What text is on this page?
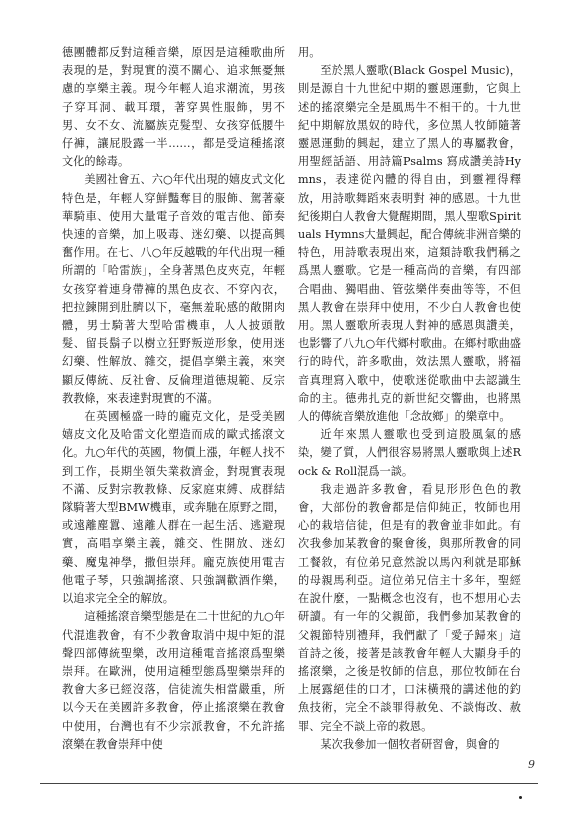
德團體都反對這種音樂，原因是這種歌曲所表現的是，對現實的漠不關心、追求無憂無慮的享樂主義。現今年輕人追求潮流，男孩子穿耳洞、載耳環，著穿異性服飾，男不男、女不女、流屬族克髮型、女孩穿低腰牛仔褲，讓屁股露一半……，都是受這種搖滾文化的餘毒。

美國社會五、六○年代出現的嬉皮式文化特色是，年輕人穿鮮豔奪目的服飾、駕著豪華騎車、使用大量電子音效的電吉他、節奏快速的音樂，加上吸毒、迷幻藥、以提高興奮作用。在七、八○年反越戰的年代出現一種所謂的「哈雷族」，全身著黑色皮夾克，年輕女孩穿着連身帶褲的黑色皮衣、不穿內衣，把拉鍊開到肚臍以下，毫無羞恥感的敞開肉體，男士騎著大型哈雷機車，人人披頭散髮、留長鬍子以樹立狂野叛逆形象，使用迷幻藥、性解放、雜交，提倡享樂主義，來突顯反傳統、反社會、反倫理道德規範、反宗教教條，來表達對現實的不滿。

在英國極盛一時的龐克文化，是受美國嬉皮文化及哈雷文化塑造而成的歐式搖滾文化。九○年代的英國，物價上漲，年輕人找不到工作，長期坐領失業救濟金，對現實表現不滿、反對宗教教條、反家庭束縛、成群結隊騎著大型BMW機車，或奔馳在原野之間，或遠離塵囂、遠離人群在一起生活、逃避現實，高唱享樂主義，雜交、性開放、迷幻藥、魔鬼神學，撒但崇拜。龐克族使用電吉他電子琴，只強調搖滾、只強調歡酒作樂，以追求完全全的解放。

這種搖滾音樂型態是在二十世紀的九○年代混進教會，有不少教會取消中規中矩的混聲四部傳統聖樂，改用這種電音搖滾爲聖樂崇拜。在歐洲，使用這種型態爲聖樂崇拜的教會大多已經沒落，信徒流失相當嚴重，所以今天在美國許多教會，停止搖滾樂在教會中使用，台灣也有不少宗派教會，不允許搖滾樂在教會崇拜中使

用。

至於黑人靈歌(Black Gospel Music)，則是源自十九世紀中期的靈恩運動，它與上述的搖滾樂完全是風馬牛不相干的。十九世紀中期解放黑奴的時代，多位黑人牧師隨著靈恩運動的興起，建立了黑人的專屬教會，用聖經話語、用詩篇Psalms 寫成讚美詩Hymns，表達從內體的得自由，到靈裡得釋放，用詩歌舞蹈來表明對 神的感恩。十九世紀後期白人教會大覺醒期間，黑人聖歌Spirituals Hymns大量興起，配合傳統非洲音樂的特色，用詩歌表現出來，這類詩歌我們稱之爲黑人靈歌。它是一種高尚的音樂，有四部合唱曲、獨唱曲、管弦樂伴奏曲等等，不但黑人教會在崇拜中使用，不少白人教會也使用。黑人靈歌所表現人對神的感恩與讚美，也影響了八九○年代鄉村歌曲。在鄉村歌曲盛行的時代，許多歌曲，效法黑人靈歌，將福音真理寫入歌中，使歌迷從歌曲中去認識生命的主。德弗扎克的新世紀交響曲，也將黑人的傳統音樂放進他「念故鄉」的樂章中。

近年來黑人靈歌也受到這股風氣的感染，變了質，人們很容易將黑人靈歌與上述Rock & Roll混爲一談。

我走過許多教會，看見形形色色的教會，大部份的教會都是信仰純正，牧師也用心的栽培信徒，但是有的教會並非如此。有次我參加某教會的聚會後，與那所教會的同工餐敘，有位弟兄意然說以馬內利就是耶穌的母親馬利亞。這位弟兄信主十多年，聖經在說什麼，一點概念也沒有，也不想用心去研讀。有一年的父親節，我們參加某教會的父親節特別禮拜，我們獻了「愛子歸來」這首詩之後，接著是該教會年輕人大顯身手的搖滾樂，之後是牧師的信息，那位牧師在台上展露絕佳的口才，口沫橫飛的講述他的釣魚技術，完全不談罪得赦免、不談悔改、赦罪、完全不談上帝的救恩。

某次我參加一個牧者研習會，與會的

9
